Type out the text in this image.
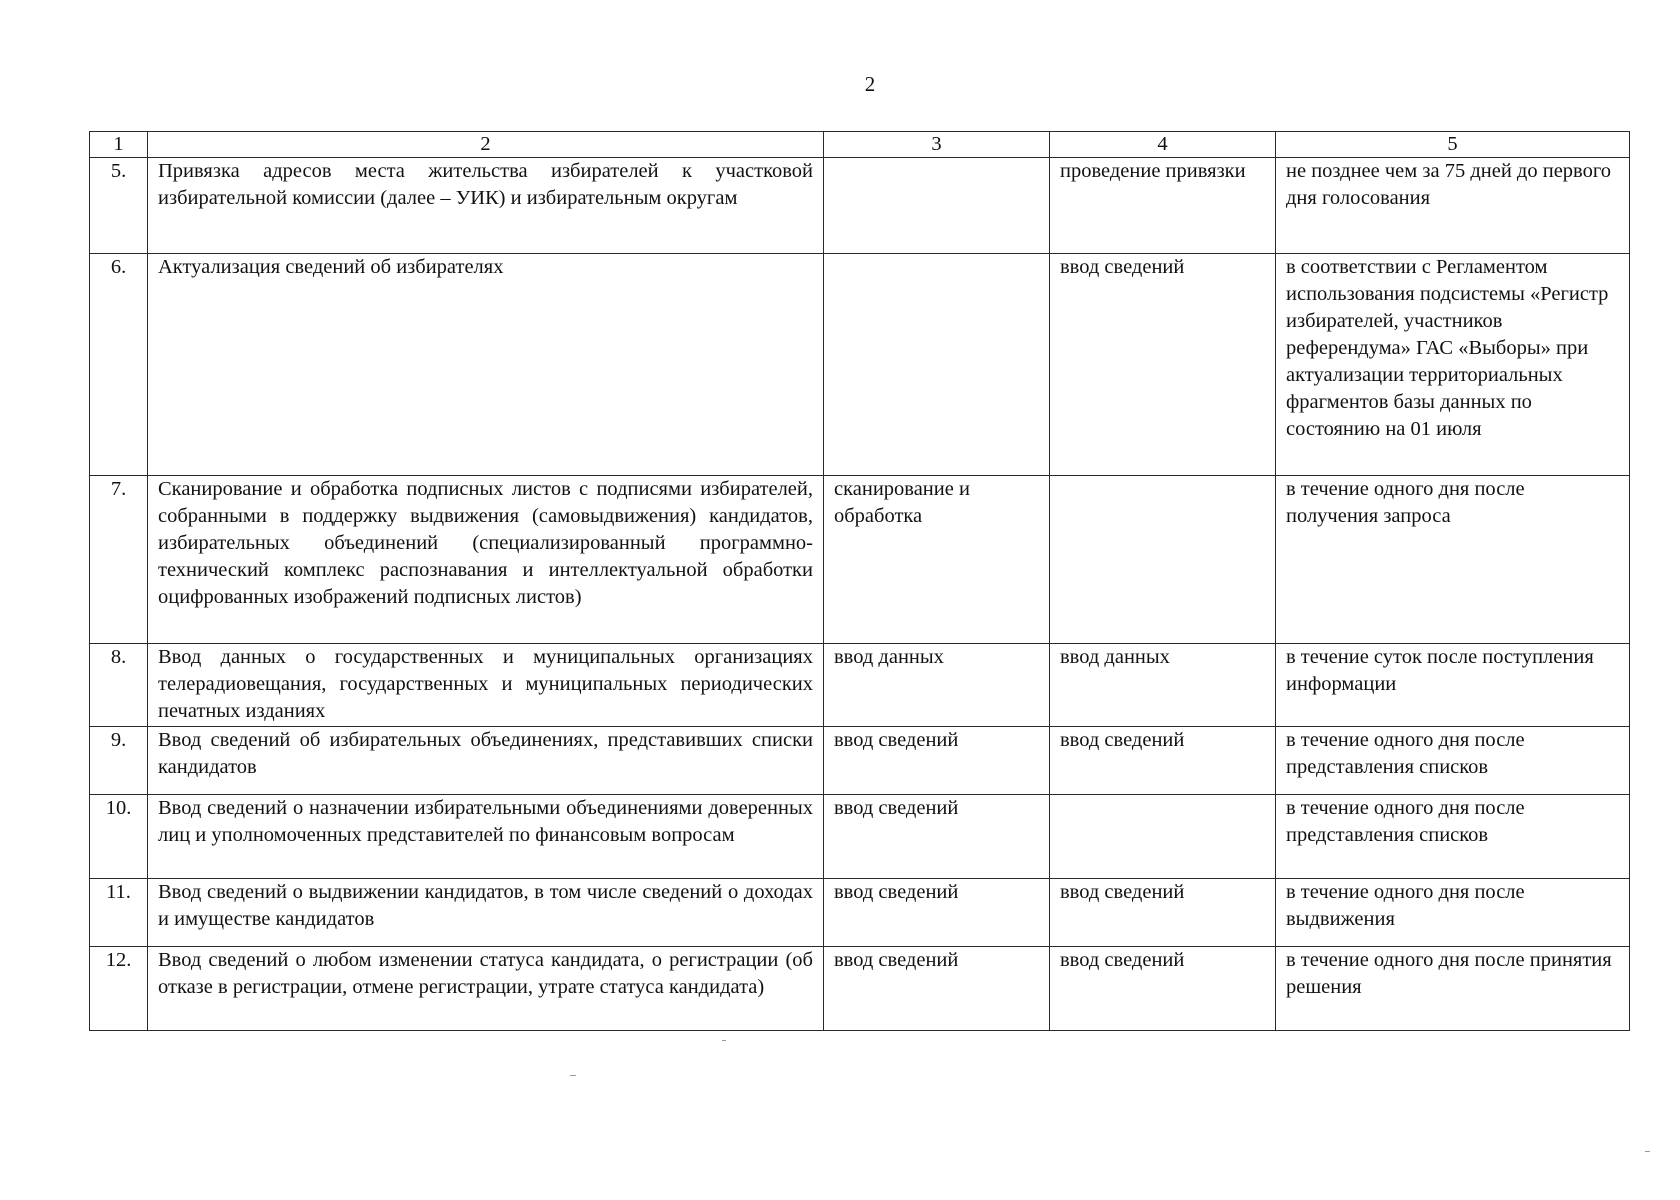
2
1	2	3	4	5
5.	Привязка адресов места жительства избирателей к участковой избирательной комиссии (далее – УИК) и избирательным округам		проведение привязки	не позднее чем за 75 дней до первого дня голосования
6.	Актуализация сведений об избирателях		ввод сведений	в соответствии с Регламентом использования подсистемы «Регистр избирателей, участников референдума» ГАС «Выборы» при актуализации территориальных фрагментов базы данных по состоянию на 01 июля
7.	Сканирование и обработка подписных листов с подписями избирателей, собранными в поддержку выдвижения (самовыдвижения) кандидатов, избирательных объединений (специализированный программно-технический комплекс распознавания и интеллектуальной обработки оцифрованных изображений подписных листов)	сканирование и обработка		в течение одного дня после получения запроса
8.	Ввод данных о государственных и муниципальных организациях телерадиовещания, государственных и муниципальных периодических печатных изданиях	ввод данных	ввод данных	в течение суток после поступления информации
9.	Ввод сведений об избирательных объединениях, представивших списки кандидатов	ввод сведений	ввод сведений	в течение одного дня после представления списков
10.	Ввод сведений о назначении избирательными объединениями доверенных лиц и уполномоченных представителей по финансовым вопросам	ввод сведений		в течение одного дня после представления списков
11.	Ввод сведений о выдвижении кандидатов, в том числе сведений о доходах и имуществе кандидатов	ввод сведений	ввод сведений	в течение одного дня после выдвижения
12.	Ввод сведений о любом изменении статуса кандидата, о регистрации (об отказе в регистрации, отмене регистрации, утрате статуса кандидата)	ввод сведений	ввод сведений	в течение одного дня после принятия решения
